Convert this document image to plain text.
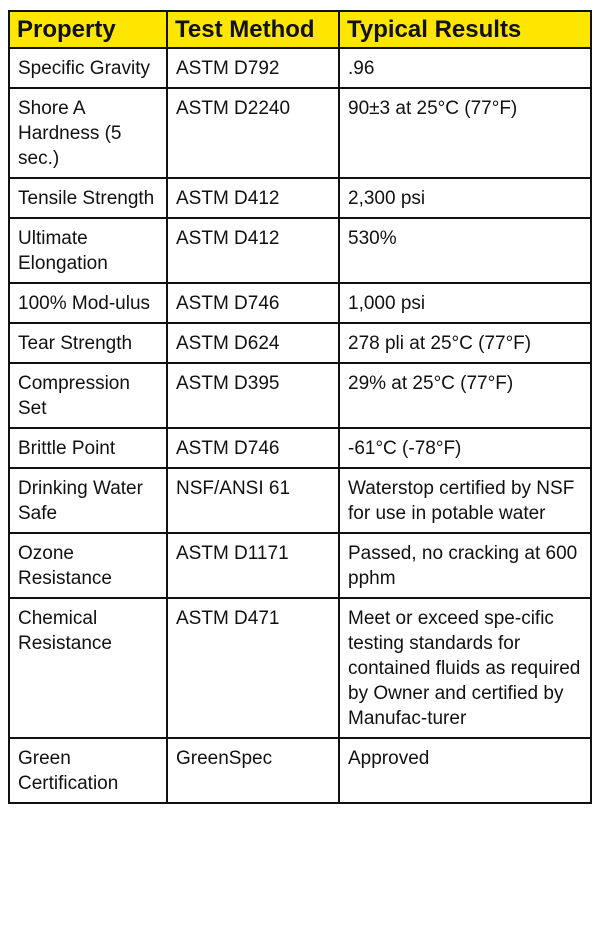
Property	Test Method	Typical Results
Specific Gravity	ASTM D792	.96
Shore A Hardness (5 sec.)	ASTM D2240	90±3 at 25°C (77°F)
Tensile Strength	ASTM D412	2,300 psi
Ultimate Elongation	ASTM D412	530%
100% Mod-ulus	ASTM D746	1,000 psi
Tear Strength	ASTM D624	278 pli at 25°C (77°F)
Compression Set	ASTM D395	29% at 25°C (77°F)
Brittle Point	ASTM D746	-61°C (-78°F)
Drinking Water Safe	NSF/ANSI 61	Waterstop certified by NSF for use in potable water
Ozone Resistance	ASTM D1171	Passed, no cracking at 600 pphm
Chemical Resistance	ASTM D471	Meet or exceed spe-cific testing standards for contained fluids as required by Owner and certified by Manufac-turer
Green Certification	GreenSpec	Approved
